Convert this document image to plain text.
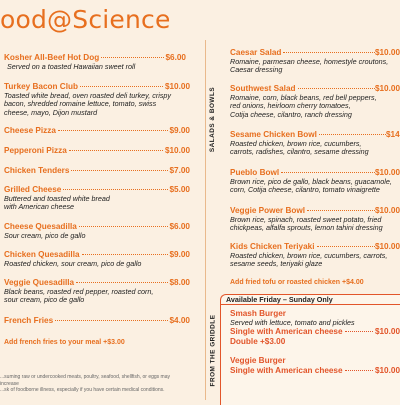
ood@Science
Kosher All-Beef Hot Dog	$6.00
Served on a toasted Hawaiian sweet roll
Turkey Bacon Club	$10.00
Toasted white bread, oven roasted deli turkey, crispy
bacon, shredded romaine lettuce, tomato, swiss
cheese, mayo, Dijon mustard
Cheese Pizza	$9.00
Pepperoni Pizza	$10.00
Chicken Tenders	$7.00
Grilled Cheese	$5.00
Buttered and toasted white bread
with American cheese
Cheese Quesadilla	$6.00
Sour cream, pico de gallo
Chicken Quesadilla	$9.00
Roasted chicken, sour cream, pico de gallo
Veggie Quesadilla	$8.00
Black beans, roasted red pepper, roasted corn,
sour cream, pico de gallo
French Fries	$4.00
Add french fries to your meal +$3.00
...suming raw or undercooked meats, poultry, seafood, shellfish, or eggs may increase
...sk of foodborne illness, especially if you have certain medical conditions.
SALADS & BOWLS
Caesar Salad	$10.00
Romaine, parmesan cheese, homestyle croutons,
Caesar dressing
Southwest Salad	$10.00
Romaine, corn, black beans, red bell peppers,
red onions, heirloom cherry tomatoes,
Cotija cheese, cilantro, ranch dressing
Sesame Chicken Bowl	$14
Roasted chicken, brown rice, cucumbers,
carrots, radishes, cilantro, sesame dressing
Pueblo Bowl	$10.00
Brown rice, pico de gallo, black beans, guacamole,
corn, Cotija cheese, cilantro, tomato vinaigrette
Veggie Power Bowl	$10.00
Brown rice, spinach, roasted sweet potato, fried
chickpeas, alfalfa sprouts, lemon tahini dressing
Kids Chicken Teriyaki	$10.00
Roasted chicken, brown rice, cucumbers, carrots,
sesame seeds, teriyaki glaze
Add fried tofu or roasted chicken +$4.00
FROM THE GRIDDLE
Available Friday – Sunday Only
Smash Burger
Served with lettuce, tomato and pickles
Single with American cheese	$10.00
Double +$3.00
Veggie Burger
Single with American cheese	$10.00
